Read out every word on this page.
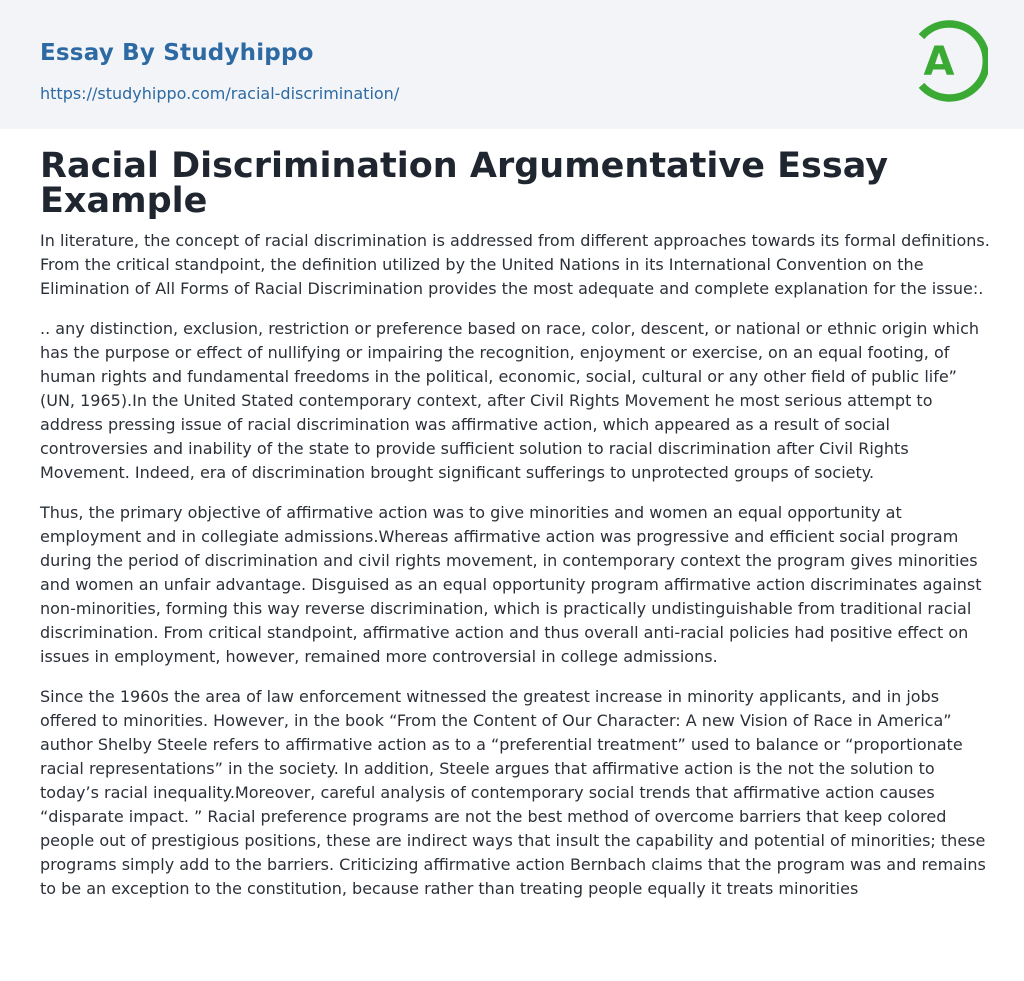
Essay By Studyhippo
https://studyhippo.com/racial-discrimination/
A
Racial Discrimination Argumentative Essay Example

In literature, the concept of racial discrimination is addressed from different approaches towards its formal definitions. From the critical standpoint, the definition utilized by the United Nations in its International Convention on the Elimination of All Forms of Racial Discrimination provides the most adequate and complete explanation for the issue:.

.. any distinction, exclusion, restriction or preference based on race, color, descent, or national or ethnic origin which has the purpose or effect of nullifying or impairing the recognition, enjoyment or exercise, on an equal footing, of human rights and fundamental freedoms in the political, economic, social, cultural or any other field of public life” (UN, 1965).In the United Stated contemporary context, after Civil Rights Movement he most serious attempt to address pressing issue of racial discrimination was affirmative action, which appeared as a result of social controversies and inability of the state to provide sufficient solution to racial discrimination after Civil Rights Movement. Indeed, era of discrimination brought significant sufferings to unprotected groups of society.

Thus, the primary objective of affirmative action was to give minorities and women an equal opportunity at employment and in collegiate admissions.Whereas affirmative action was progressive and efficient social program during the period of discrimination and civil rights movement, in contemporary context the program gives minorities and women an unfair advantage. Disguised as an equal opportunity program affirmative action discriminates against non-minorities, forming this way reverse discrimination, which is practically undistinguishable from traditional racial discrimination. From critical standpoint, affirmative action and thus overall anti-racial policies had positive effect on issues in employment, however, remained more controversial in college admissions.

Since the 1960s the area of law enforcement witnessed the greatest increase in minority applicants, and in jobs offered to minorities. However, in the book “From the Content of Our Character: A new Vision of Race in America” author Shelby Steele refers to affirmative action as to a “preferential treatment” used to balance or “proportionate racial representations” in the society. In addition, Steele argues that affirmative action is the not the solution to today’s racial inequality.Moreover, careful analysis of contemporary social trends that affirmative action causes “disparate impact. ” Racial preference programs are not the best method of overcome barriers that keep colored people out of prestigious positions, these are indirect ways that insult the capability and potential of minorities; these programs simply add to the barriers. Criticizing affirmative action Bernbach claims that the program was and remains to be an exception to the constitution, because rather than treating people equally it treats minorities
